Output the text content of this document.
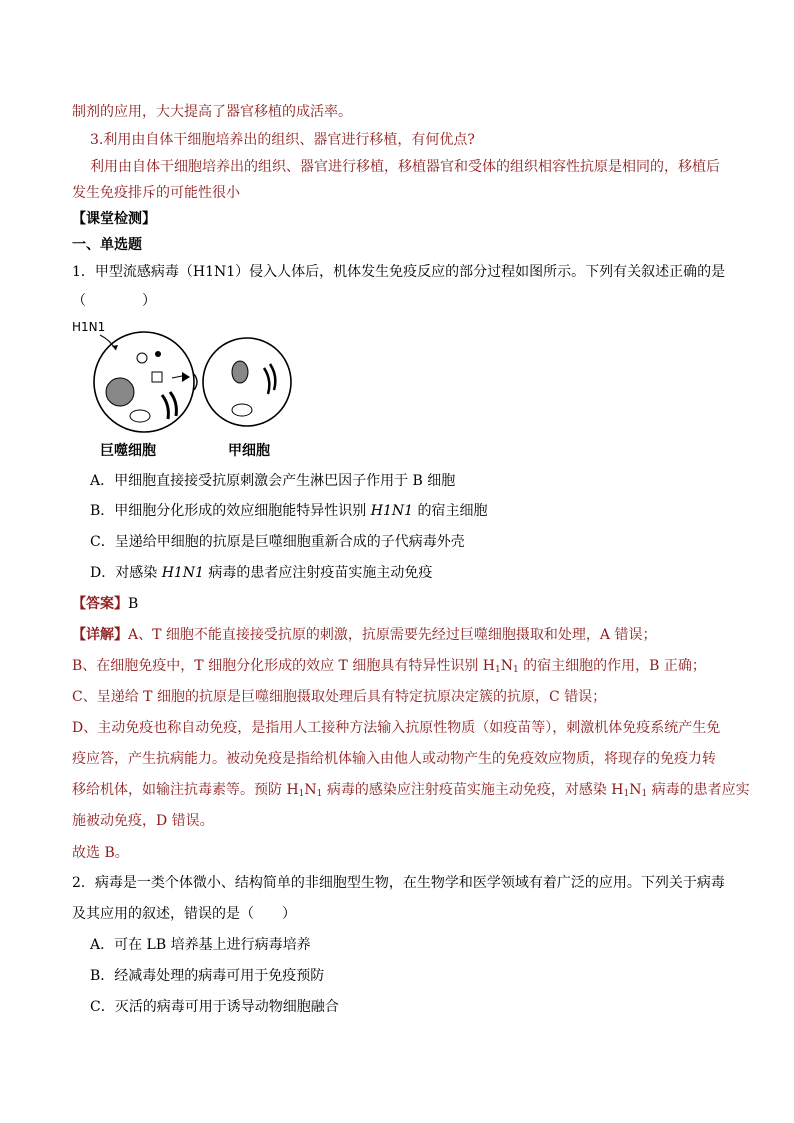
制剂的应用，大大提高了器官移植的成活率。
3.利用由自体干细胞培养出的组织、器官进行移植，有何优点?
利用由自体干细胞培养出的组织、器官进行移植，移植器官和受体的组织相容性抗原是相同的，移植后
发生免疫排斥的可能性很小
【课堂检测】
一、单选题
1．甲型流感病毒（H1N1）侵入人体后，机体发生免疫反应的部分过程如图所示。下列有关叙述正确的是
（　　　　）
H1N1
巨噬细胞	甲细胞
A．甲细胞直接接受抗原刺激会产生淋巴因子作用于 B 细胞
B．甲细胞分化形成的效应细胞能特异性识别 H1N1 的宿主细胞
C．呈递给甲细胞的抗原是巨噬细胞重新合成的子代病毒外壳
D．对感染 H1N1 病毒的患者应注射疫苗实施主动免疫
【答案】B
【详解】A、T 细胞不能直接接受抗原的刺激，抗原需要先经过巨噬细胞摄取和处理，A 错误；
B、在细胞免疫中，T 细胞分化形成的效应 T 细胞具有特异性识别 $H_1N_1$ 的宿主细胞的作用，B 正确；
C、呈递给 T 细胞的抗原是巨噬细胞摄取处理后具有特定抗原决定簇的抗原，C 错误；
D、主动免疫也称自动免疫，是指用人工接种方法输入抗原性物质（如疫苗等），刺激机体免疫系统产生免
疫应答，产生抗病能力。被动免疫是指给机体输入由他人或动物产生的免疫效应物质，将现存的免疫力转
移给机体，如输注抗毒素等。预防 $H_1N_1$ 病毒的感染应注射疫苗实施主动免疫，对感染 $H_1N_1$ 病毒的患者应实
施被动免疫，D 错误。
故选 B。
2．病毒是一类个体微小、结构简单的非细胞型生物，在生物学和医学领域有着广泛的应用。下列关于病毒
及其应用的叙述，错误的是（　　）
A．可在 LB 培养基上进行病毒培养
B．经减毒处理的病毒可用于免疫预防
C．灭活的病毒可用于诱导动物细胞融合
